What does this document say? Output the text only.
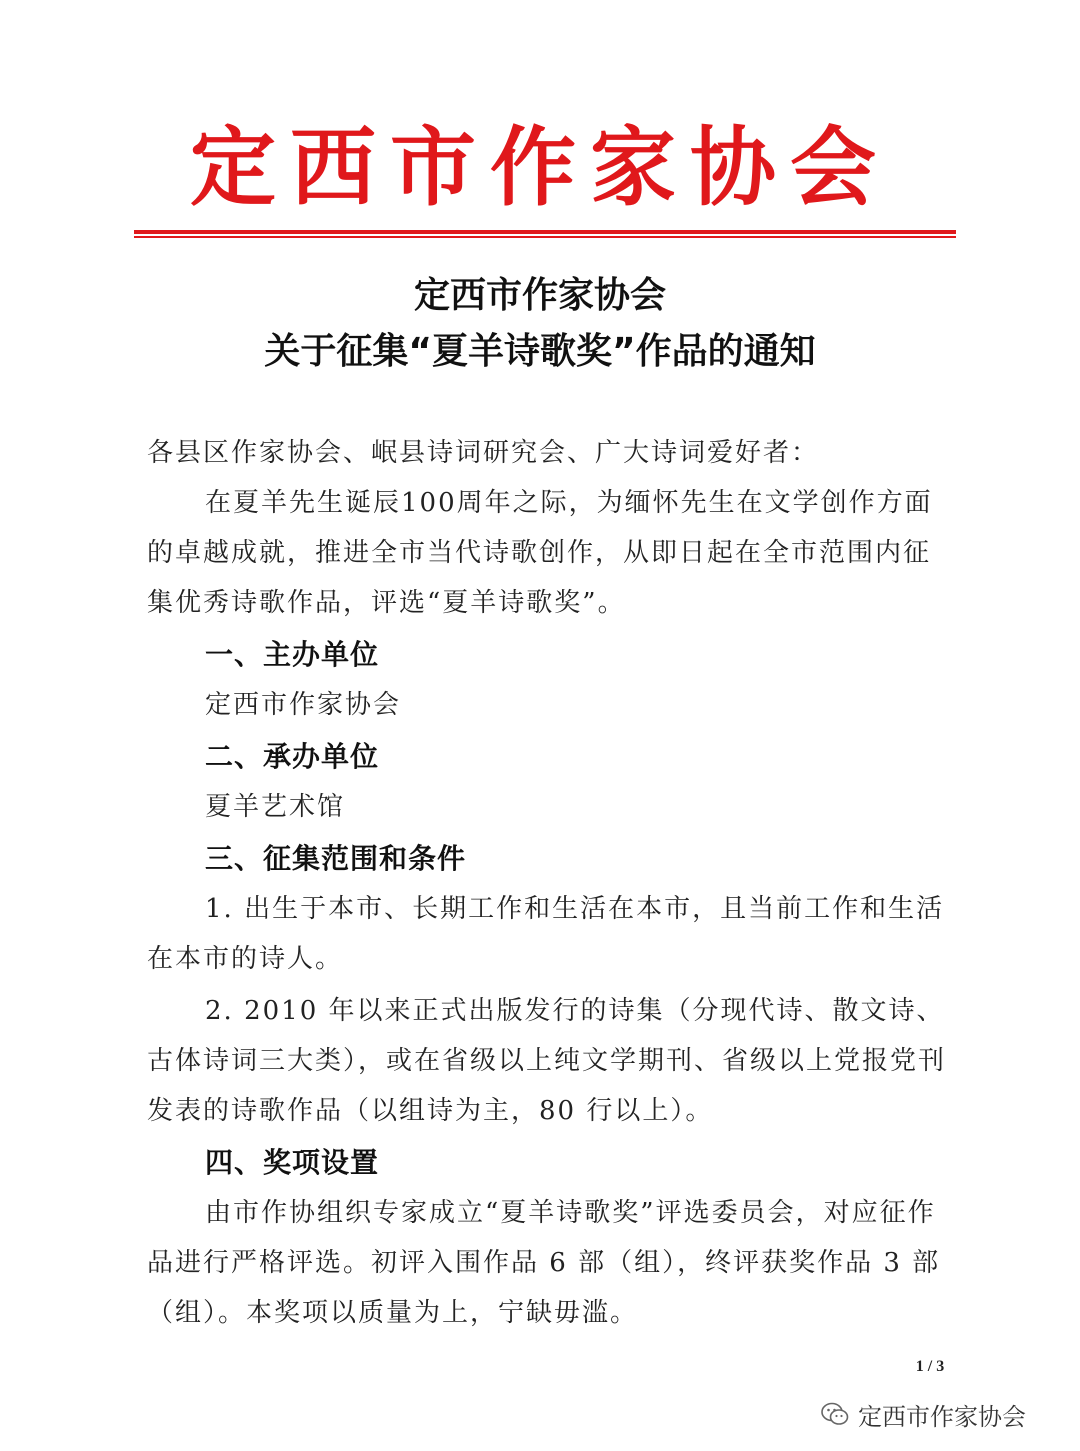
定西市作家协会
定西市作家协会
关于征集“夏羊诗歌奖”作品的通知
各县区作家协会、岷县诗词研究会、广大诗词爱好者：
在夏羊先生诞辰100周年之际，为缅怀先生在文学创作方面的卓越成就，推进全市当代诗歌创作，从即日起在全市范围内征集优秀诗歌作品，评选“夏羊诗歌奖”。
一、主办单位
定西市作家协会
二、承办单位
夏羊艺术馆
三、征集范围和条件
1. 出生于本市、长期工作和生活在本市，且当前工作和生活在本市的诗人。
2. 2010 年以来正式出版发行的诗集（分现代诗、散文诗、古体诗词三大类），或在省级以上纯文学期刊、省级以上党报党刊发表的诗歌作品（以组诗为主，80 行以上）。
四、奖项设置
由市作协组织专家成立“夏羊诗歌奖”评选委员会，对应征作品进行严格评选。初评入围作品 6 部（组），终评获奖作品 3 部（组）。本奖项以质量为上，宁缺毋滥。
1 / 3
定西市作家协会
